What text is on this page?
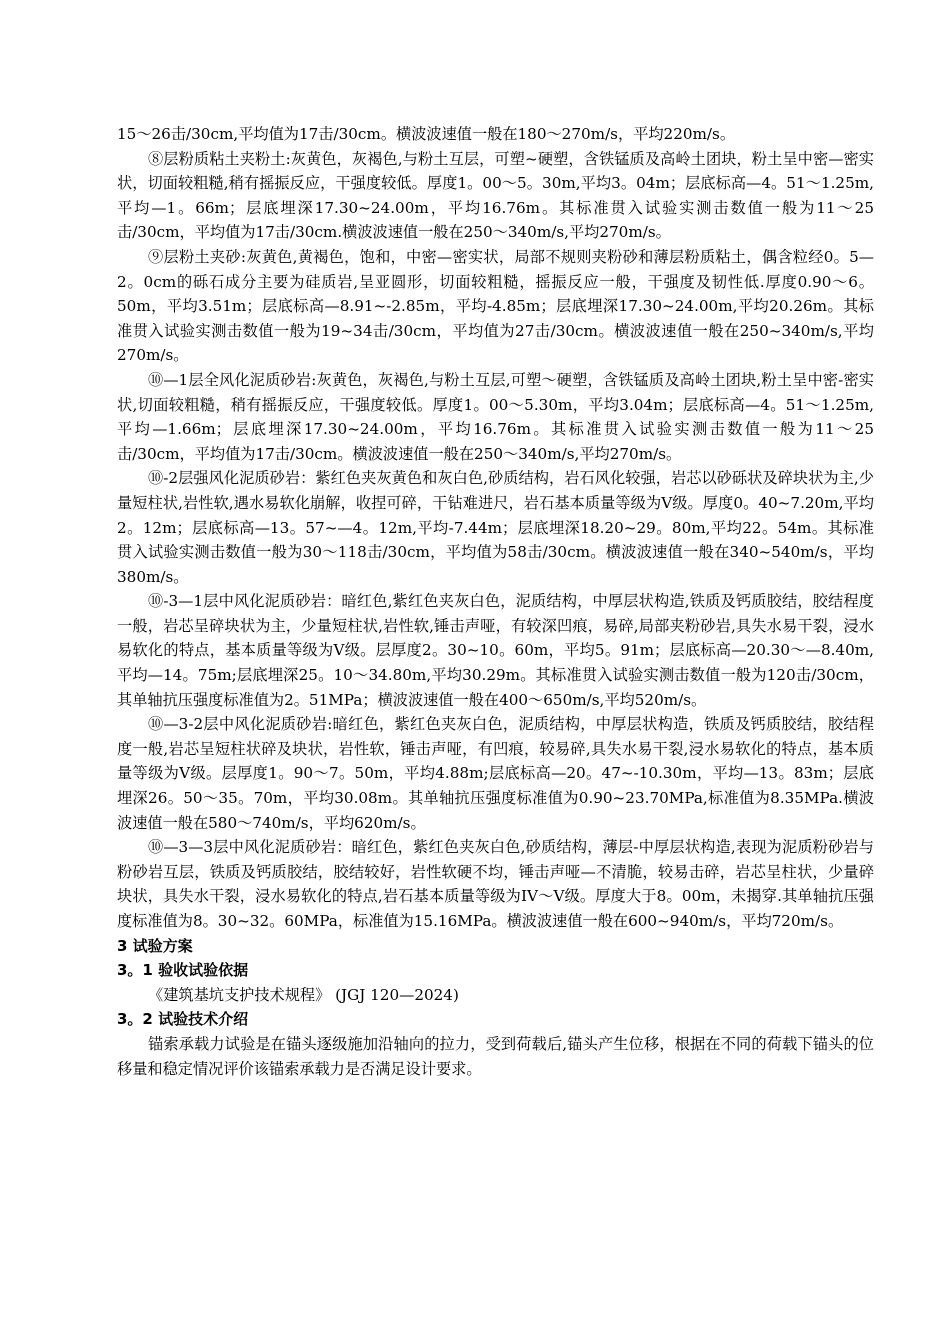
15～26击/30cm,平均值为17击/30cm。横波波速值一般在180～270m/s，平均220m/s。

⑧层粉质粘土夹粉土:灰黄色，灰褐色,与粉土互层，可塑~硬塑，含铁锰质及高岭土团块，粉土呈中密—密实状，切面较粗糙,稍有摇振反应，干强度较低。厚度1。00～5。30m,平均3。04m；层底标高—4。51～1.25m,平均—1。66m；层底埋深17.30~24.00m，平均16.76m。其标准贯入试验实测击数值一般为11～25击/30cm，平均值为17击/30cm.横波波速值一般在250～340m/s,平均270m/s。

⑨层粉土夹砂:灰黄色,黄褐色，饱和，中密—密实状，局部不规则夹粉砂和薄层粉质粘土，偶含粒经0。5—2。0cm的砾石成分主要为硅质岩,呈亚圆形，切面较粗糙，摇振反应一般，干强度及韧性低.厚度0.90～6。50m，平均3.51m；层底标高—8.91~-2.85m，平均-4.85m；层底埋深17.30~24.00m,平均20.26m。其标准贯入试验实测击数值一般为19~34击/30cm，平均值为27击/30cm。横波波速值一般在250~340m/s,平均270m/s。

⑩—1层全风化泥质砂岩:灰黄色，灰褐色,与粉土互层,可塑～硬塑，含铁锰质及高岭土团块,粉土呈中密-密实状,切面较粗糙，稍有摇振反应，干强度较低。厚度1。00～5.30m，平均3.04m；层底标高—4。51～1.25m,平均—1.66m；层底埋深17.30~24.00m，平均16.76m。其标准贯入试验实测击数值一般为11～25击/30cm，平均值为17击/30cm。横波波速值一般在250～340m/s,平均270m/s。

⑩-2层强风化泥质砂岩：紫红色夹灰黄色和灰白色,砂质结构，岩石风化较强，岩芯以砂砾状及碎块状为主,少量短柱状,岩性软,遇水易软化崩解，收捏可碎，干钻难进尺，岩石基本质量等级为V级。厚度0。40~7.20m,平均2。12m；层底标高—13。57~—4。12m,平均-7.44m；层底埋深18.20~29。80m,平均22。54m。其标准贯入试验实测击数值一般为30～118击/30cm，平均值为58击/30cm。横波波速值一般在340~540m/s，平均380m/s。

⑩-3—1层中风化泥质砂岩：暗红色,紫红色夹灰白色，泥质结构，中厚层状构造,铁质及钙质胶结，胶结程度一般，岩芯呈碎块状为主，少量短柱状,岩性软,锤击声哑，有较深凹痕，易碎,局部夹粉砂岩,具失水易干裂，浸水易软化的特点，基本质量等级为V级。层厚度2。30~10。60m，平均5。91m；层底标高—20.30～—8.40m,平均—14。75m;层底埋深25。10～34.80m,平均30.29m。其标准贯入试验实测击数值一般为120击/30cm，其单轴抗压强度标准值为2。51MPa；横波波速值一般在400～650m/s,平均520m/s。

⑩—3-2层中风化泥质砂岩:暗红色，紫红色夹灰白色，泥质结构，中厚层状构造，铁质及钙质胶结，胶结程度一般,岩芯呈短柱状碎及块状，岩性软，锤击声哑，有凹痕，较易碎,具失水易干裂,浸水易软化的特点，基本质量等级为V级。层厚度1。90～7。50m，平均4.88m;层底标高—20。47~-10.30m，平均—13。83m；层底埋深26。50～35。70m，平均30.08m。其单轴抗压强度标准值为0.90~23.70MPa,标准值为8.35MPa.横波波速值一般在580～740m/s，平均620m/s。

⑩—3—3层中风化泥质砂岩：暗红色，紫红色夹灰白色,砂质结构，薄层-中厚层状构造,表现为泥质粉砂岩与粉砂岩互层，铁质及钙质胶结，胶结较好，岩性软硬不均，锤击声哑—不清脆，较易击碎，岩芯呈柱状，少量碎块状，具失水干裂，浸水易软化的特点,岩石基本质量等级为IV～V级。厚度大于8。00m，未揭穿.其单轴抗压强度标准值为8。30~32。60MPa，标准值为15.16MPa。横波波速值一般在600~940m/s，平均720m/s。

3 试验方案
3。1 验收试验依据

《建筑基坑支护技术规程》 (JGJ 120—2024)

3。2 试验技术介绍

锚索承载力试验是在锚头逐级施加沿轴向的拉力，受到荷载后,锚头产生位移，根据在不同的荷载下锚头的位移量和稳定情况评价该锚索承载力是否满足设计要求。
